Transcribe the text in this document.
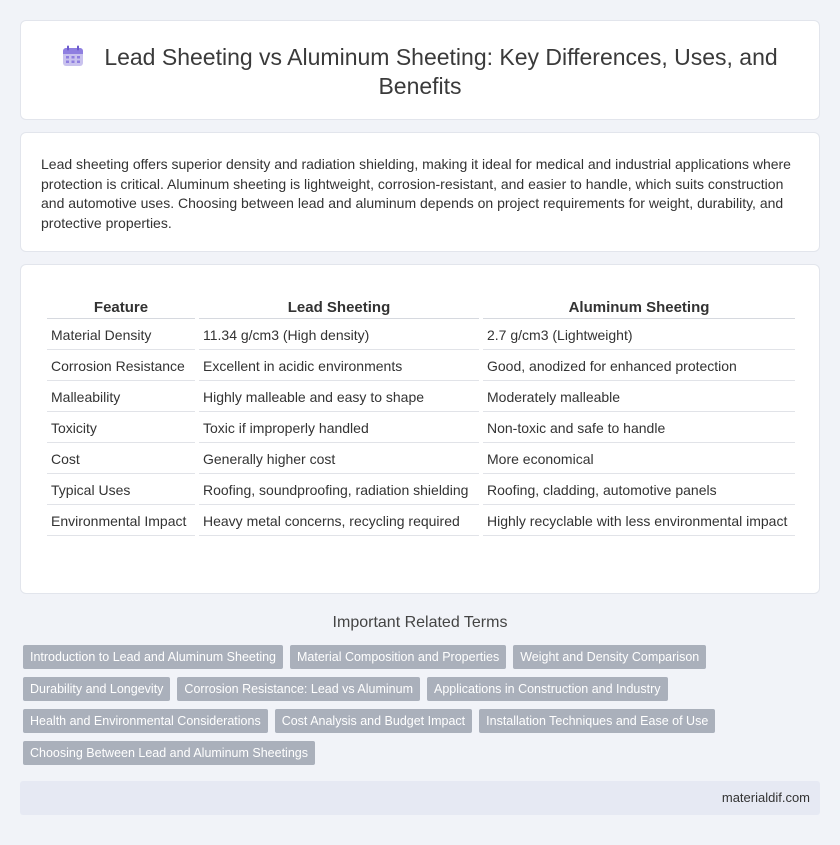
Lead Sheeting vs Aluminum Sheeting: Key Differences, Uses, and Benefits

Lead sheeting offers superior density and radiation shielding, making it ideal for medical and industrial applications where protection is critical. Aluminum sheeting is lightweight, corrosion-resistant, and easier to handle, which suits construction and automotive uses. Choosing between lead and aluminum depends on project requirements for weight, durability, and protective properties.

Feature	Lead Sheeting	Aluminum Sheeting
Material Density	11.34 g/cm3 (High density)	2.7 g/cm3 (Lightweight)
Corrosion Resistance	Excellent in acidic environments	Good, anodized for enhanced protection
Malleability	Highly malleable and easy to shape	Moderately malleable
Toxicity	Toxic if improperly handled	Non-toxic and safe to handle
Cost	Generally higher cost	More economical
Typical Uses	Roofing, soundproofing, radiation shielding	Roofing, cladding, automotive panels
Environmental Impact	Heavy metal concerns, recycling required	Highly recyclable with less environmental impact
Important Related Terms
Introduction to Lead and Aluminum Sheeting	Material Composition and Properties	Weight and Density Comparison
Durability and Longevity	Corrosion Resistance: Lead vs Aluminum	Applications in Construction and Industry
Health and Environmental Considerations	Cost Analysis and Budget Impact	Installation Techniques and Ease of Use
Choosing Between Lead and Aluminum Sheetings
materialdif.com
